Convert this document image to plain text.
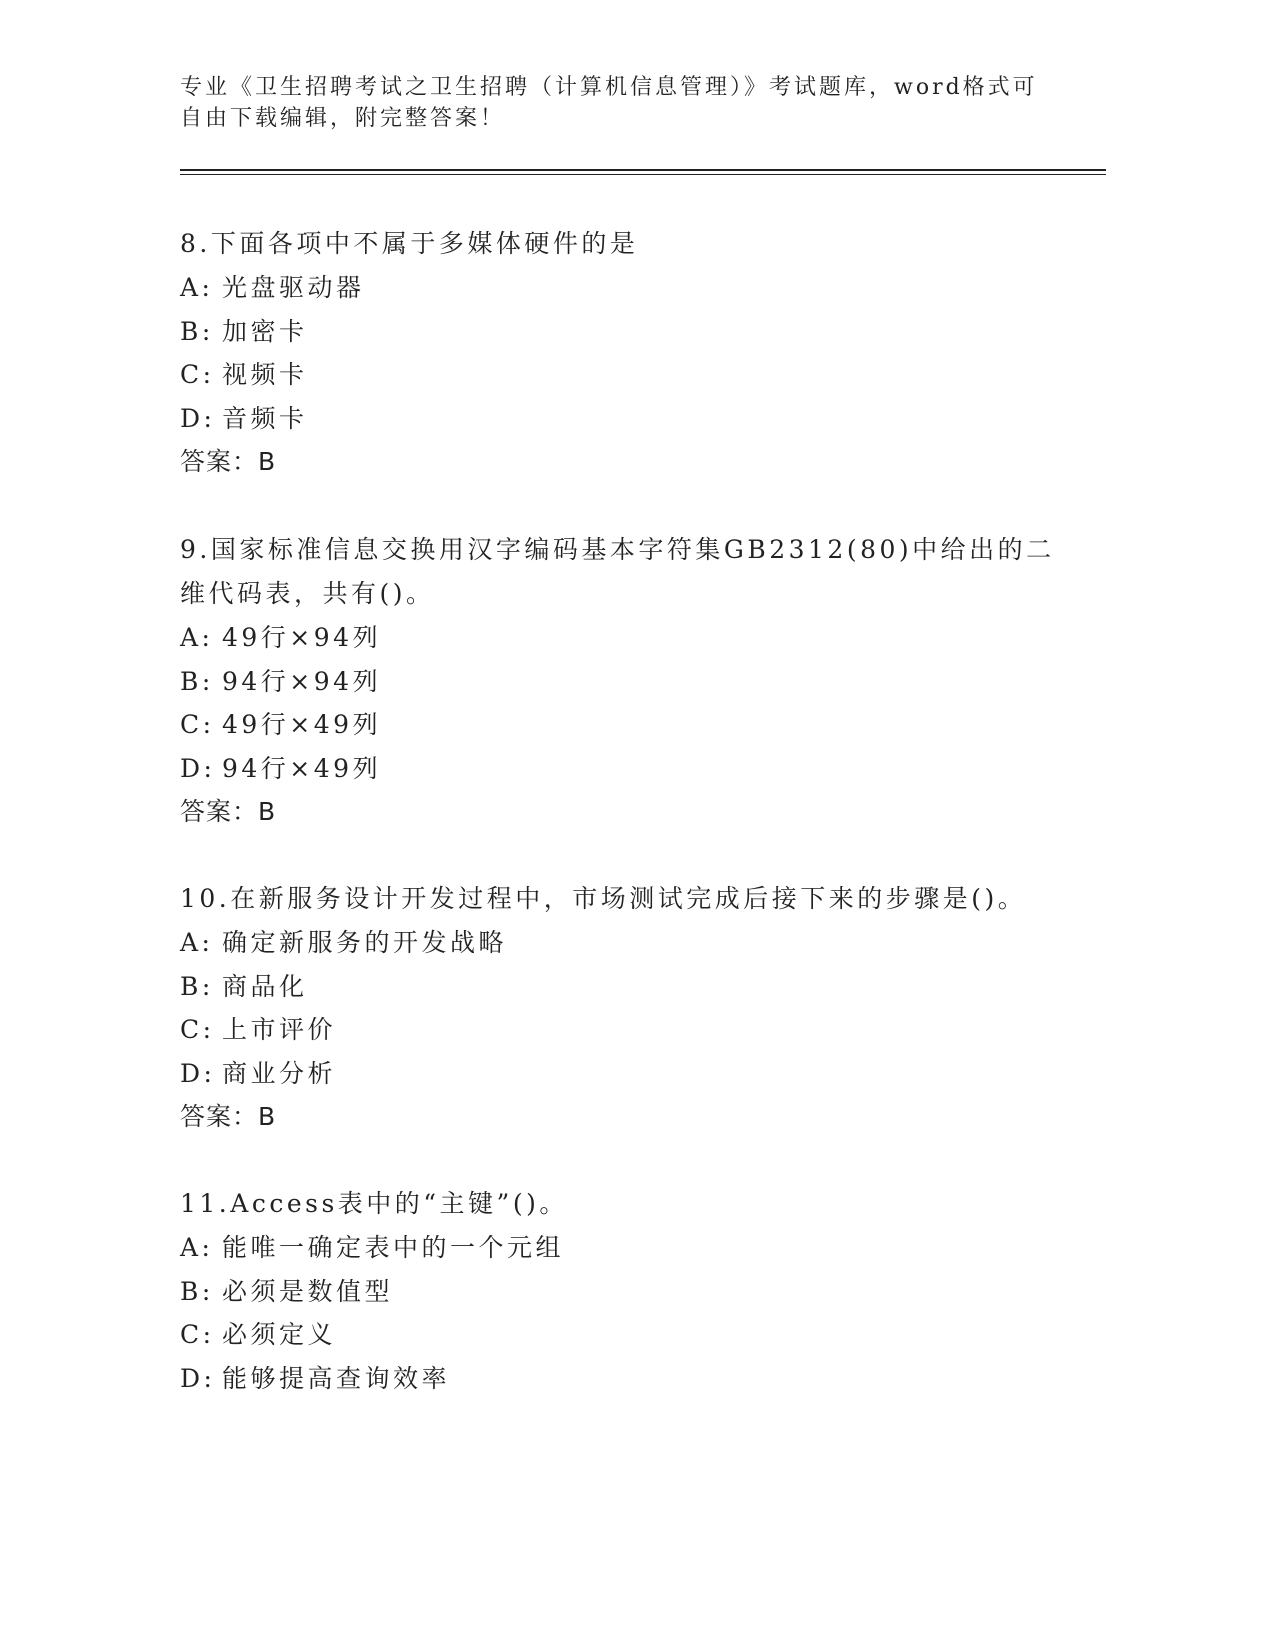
专业《卫生招聘考试之卫生招聘（计算机信息管理）》考试题库，word格式可自由下载编辑，附完整答案！
8.下面各项中不属于多媒体硬件的是
A: 光盘驱动器
B: 加密卡
C: 视频卡
D: 音频卡
答案：B
9.国家标准信息交换用汉字编码基本字符集GB2312(80)中给出的二维代码表，共有()。
A: 49行×94列
B: 94行×94列
C: 49行×49列
D: 94行×49列
答案：B
10.在新服务设计开发过程中，市场测试完成后接下来的步骤是()。
A: 确定新服务的开发战略
B: 商品化
C: 上市评价
D: 商业分析
答案：B
11.Access表中的“主键”()。
A: 能唯一确定表中的一个元组
B: 必须是数值型
C: 必须定义
D: 能够提高查询效率
